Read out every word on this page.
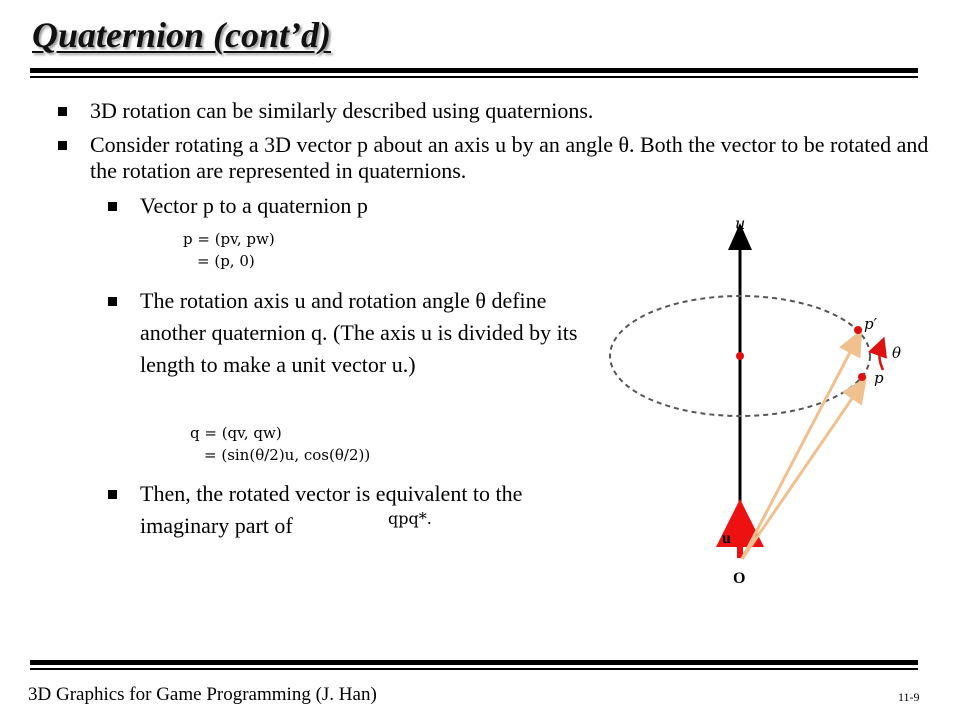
Quaternion (cont’d)
3D rotation can be similarly described using quaternions.
Consider rotating a 3D vector p about an axis u by an angle θ. Both the vector to be rotated and the rotation are represented in quaternions.
Vector p to a quaternion p
p = (pv, pw)
= (p, 0)
The rotation axis u and rotation angle θ define another quaternion q. (The axis u is divided by its length to make a unit vector u.)
q = (qv, qw)
= (sin(θ/2)u, cos(θ/2))
Then, the rotated vector is equivalent to the imaginary part of	qpq*.
u
p′
θ
p
u
O
3D Graphics for Game Programming (J. Han)	11-9
